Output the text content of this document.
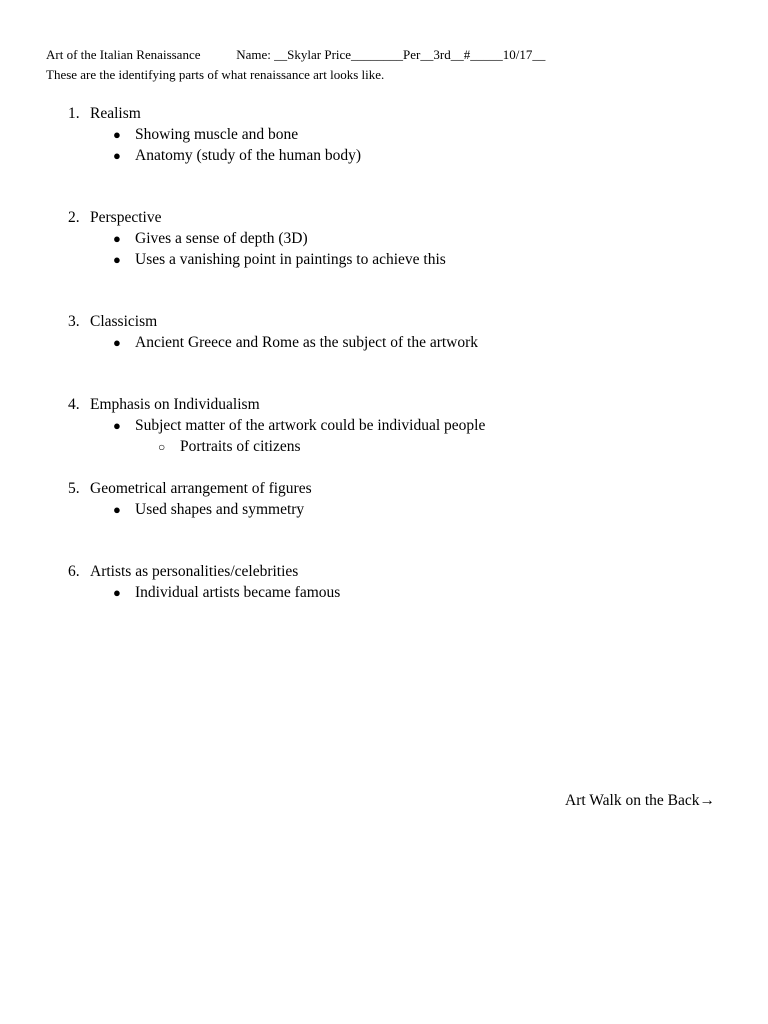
Art of the Italian Renaissance           Name: __Skylar Price________Per__3rd__#_____10/17__
These are the identifying parts of what renaissance art looks like.
1. Realism
● Showing muscle and bone
● Anatomy (study of the human body)
2. Perspective
● Gives a sense of depth (3D)
● Uses a vanishing point in paintings to achieve this
3. Classicism
● Ancient Greece and Rome as the subject of the artwork
4. Emphasis on Individualism
● Subject matter of the artwork could be individual people
○ Portraits of citizens
5. Geometrical arrangement of figures
● Used shapes and symmetry
6. Artists as personalities/celebrities
● Individual artists became famous
Art Walk on the Back→
